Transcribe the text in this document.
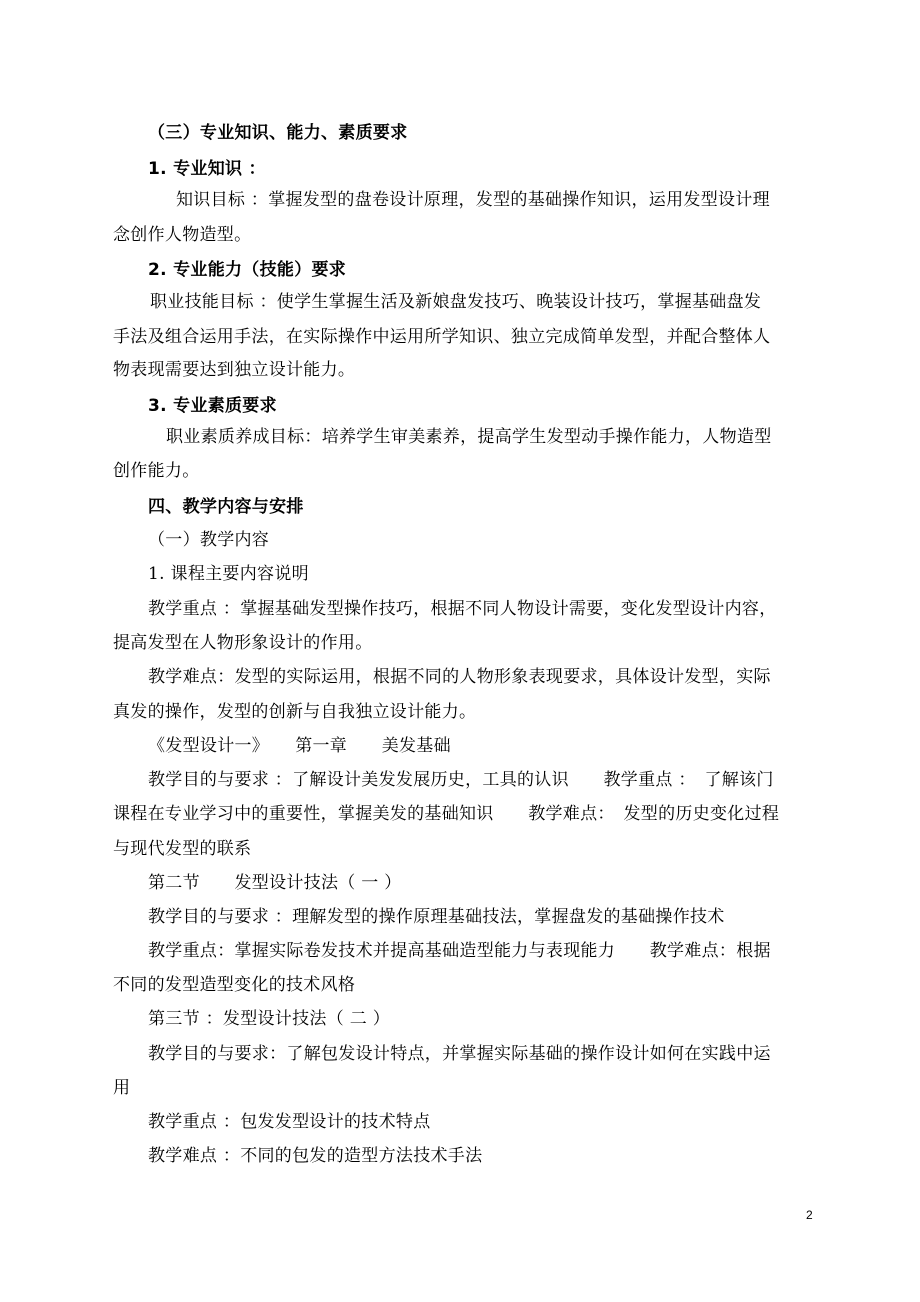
（三）专业知识、能力、素质要求
1. 专业知识 ：
知识目标 ：掌握发型的盘卷设计原理，发型的基础操作知识，运用发型设计理
念创作人物造型。
2. 专业能力（技能）要求
职业技能目标 ：使学生掌握生活及新娘盘发技巧、晚装设计技巧，掌握基础盘发
手法及组合运用手法，在实际操作中运用所学知识、独立完成简单发型，并配合整体人
物表现需要达到独立设计能力。
3. 专业素质要求
职业素质养成目标：培养学生审美素养，提高学生发型动手操作能力，人物造型
创作能力。
四、教学内容与安排
（一）教学内容
1. 课程主要内容说明
教学重点 ：掌握基础发型操作技巧，根据不同人物设计需要，变化发型设计内容，
提高发型在人物形象设计的作用。
教学难点：发型的实际运用，根据不同的人物形象表现要求，具体设计发型，实际
真发的操作，发型的创新与自我独立设计能力。
《发型设计一》　　第一章　　美发基础
教学目的与要求 ：了解设计美发发展历史，工具的认识　　教学重点 ：　了解该门
课程在专业学习中的重要性，掌握美发的基础知识　　教学难点：　发型的历史变化过程
与现代发型的联系
第二节　　发型设计技法（ 一 ）
教学目的与要求 ：理解发型的操作原理基础技法，掌握盘发的基础操作技术
教学重点：掌握实际卷发技术并提高基础造型能力与表现能力　　教学难点：根据
不同的发型造型变化的技术风格
第三节 ：发型设计技法（ 二 ）
教学目的与要求：了解包发设计特点，并掌握实际基础的操作设计如何在实践中运
用
教学重点 ：包发发型设计的技术特点
教学难点 ：不同的包发的造型方法技术手法
2
